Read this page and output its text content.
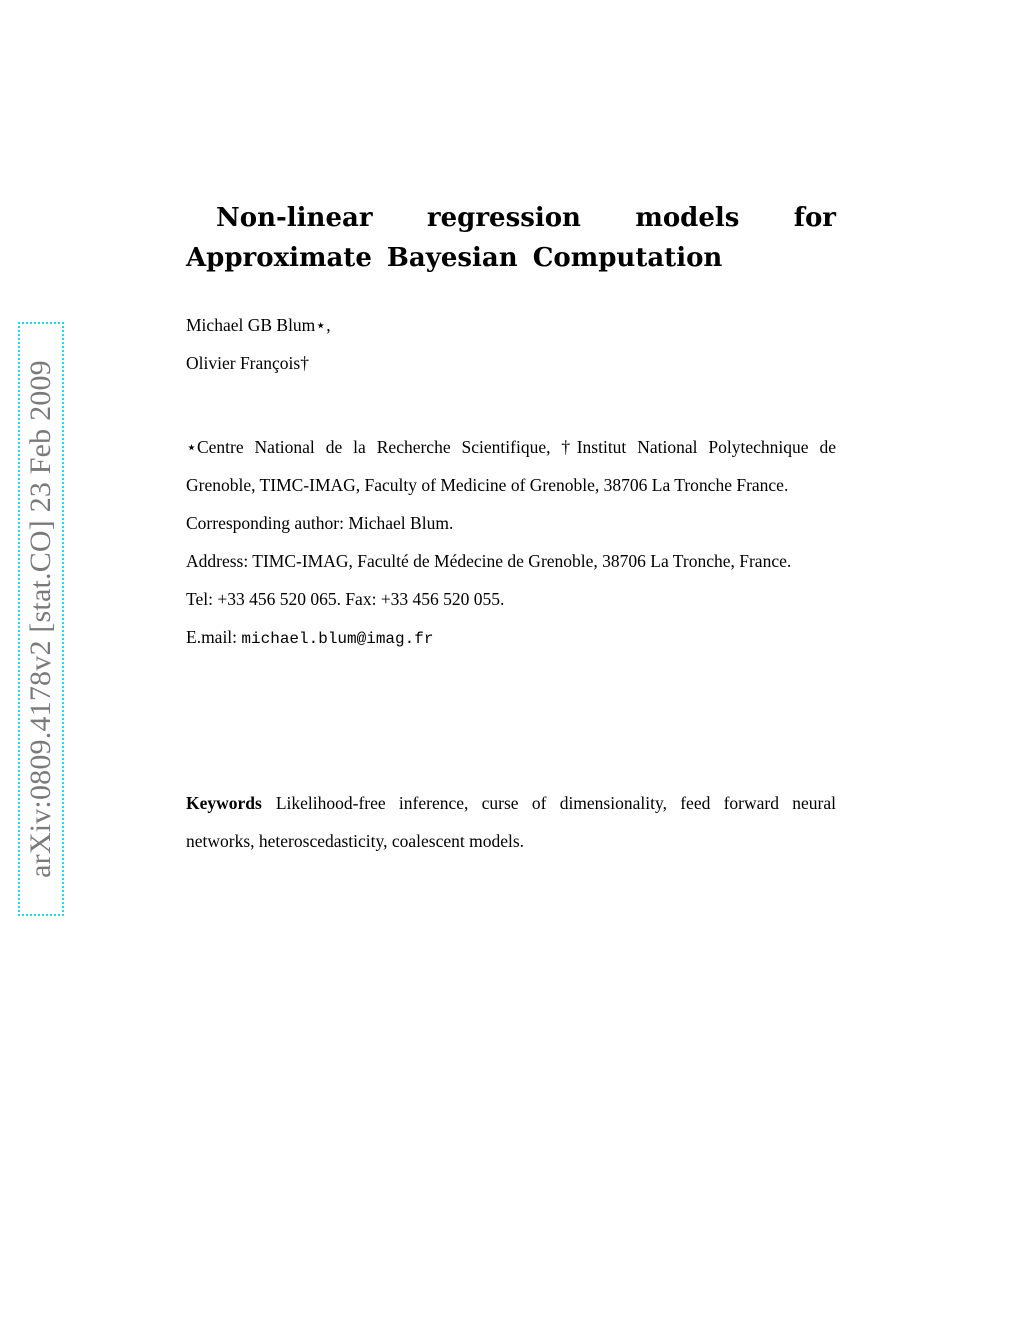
arXiv:0809.4178v2 [stat.CO] 23 Feb 2009
Non-linear regression models for Approximate Bayesian Computation
Michael GB Blum⋆,
Olivier François†

⋆Centre National de la Recherche Scientifique, †Institut National Polytechnique de Grenoble, TIMC-IMAG, Faculty of Medicine of Grenoble, 38706 La Tronche France.

Corresponding author: Michael Blum.

Address: TIMC-IMAG, Faculté de Médecine de Grenoble, 38706 La Tronche, France.

Tel: +33 456 520 065. Fax: +33 456 520 055.

E.mail: michael.blum@imag.fr

Keywords Likelihood-free inference, curse of dimensionality, feed forward neural networks, heteroscedasticity, coalescent models.
